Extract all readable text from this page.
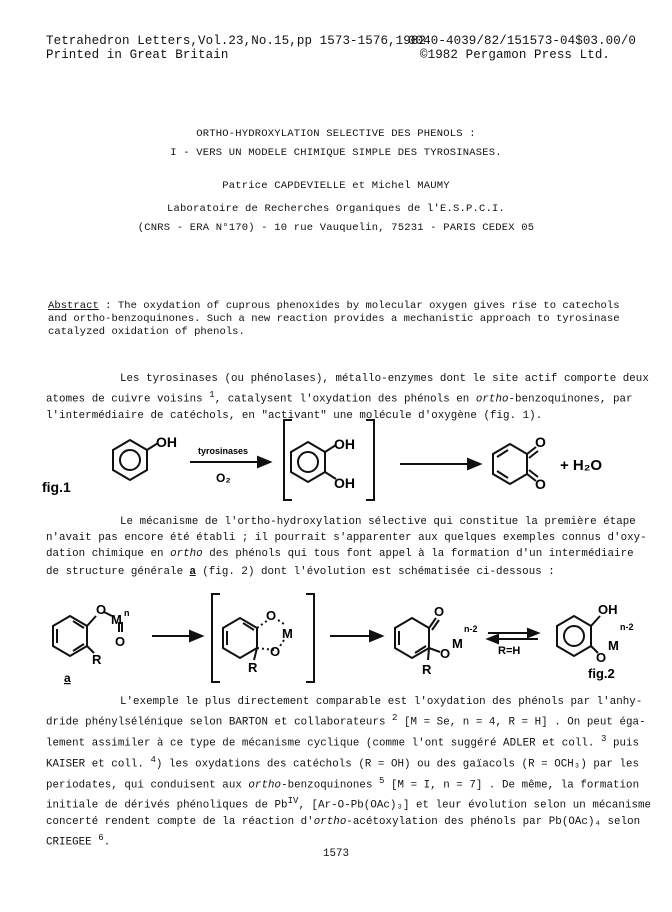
Tetrahedron Letters,Vol.23,No.15,pp 1573-1576,1982
0040-4039/82/151573-04$03.00/0
Printed in Great Britain	©1982 Pergamon Press Ltd.
ORTHO-HYDROXYLATION SELECTIVE DES PHENOLS :
I - VERS UN MODELE CHIMIQUE SIMPLE DES TYROSINASES.
Patrice CAPDEVIELLE et Michel MAUMY
Laboratoire de Recherches Organiques de l'E.S.P.C.I.
(CNRS - ERA N°170) - 10 rue Vauquelin, 75231 - PARIS CEDEX 05
Abstract : The oxydation of cuprous phenoxides by molecular oxygen gives rise to catechols
and ortho-benzoquinones. Such a new reaction provides a mechanistic approach to tyrosinase
catalyzed oxidation of phenols.
Les tyrosinases (ou phénolases), métallo-enzymes dont le site actif comporte deux
atomes de cuivre voisins $^1$, catalysent l'oxydation des phénols en ortho-benzoquinones, par
l'intermédiaire de catéchols, en "activant" une molécule d'oxygène (fig. 1).
fig.1
OH
tyrosinases
O₂
OH
OH
O
O
+ H₂O
Le mécanisme de l'ortho-hydroxylation sélective qui constitue la première étape
n'avait pas encore été établi ; il pourrait s'apparenter aux quelques exemples connus d'oxy-
dation chimique en ortho des phénols qui tous font appel à la formation d'un intermédiaire
de structure générale a (fig. 2) dont l'évolution est schématisée ci-dessous :
O
M n
O
R
a
O
M
O
R
O
O
M
n-2
R
R=H
OH
O
M
n-2
fig.2
L'exemple le plus directement comparable est l'oxydation des phénols par l'anhy-
dride phénylsélénique selon BARTON et collaborateurs $^2$ [M = Se, n = 4, R = H] . On peut éga-
lement assimiler à ce type de mécanisme cyclique (comme l'ont suggéré ADLER et coll. $^3$ puis
KAISER et coll. $^4$) les oxydations des catéchols (R = OH) ou des gaïacols (R = OCH₃) par les
periodates, qui conduisent aux ortho-benzoquinones $^5$ [M = I, n = 7] . De même, la formation
initiale de dérivés phénoliques de $Pb^{IV}$, [Ar-O-Pb(OAc)₃] et leur évolution selon un mécanisme
concerté rendent compte de la réaction d'ortho-acétoxylation des phénols par Pb(OAc)₄ selon
CRIEGEE $^6$.
1573
